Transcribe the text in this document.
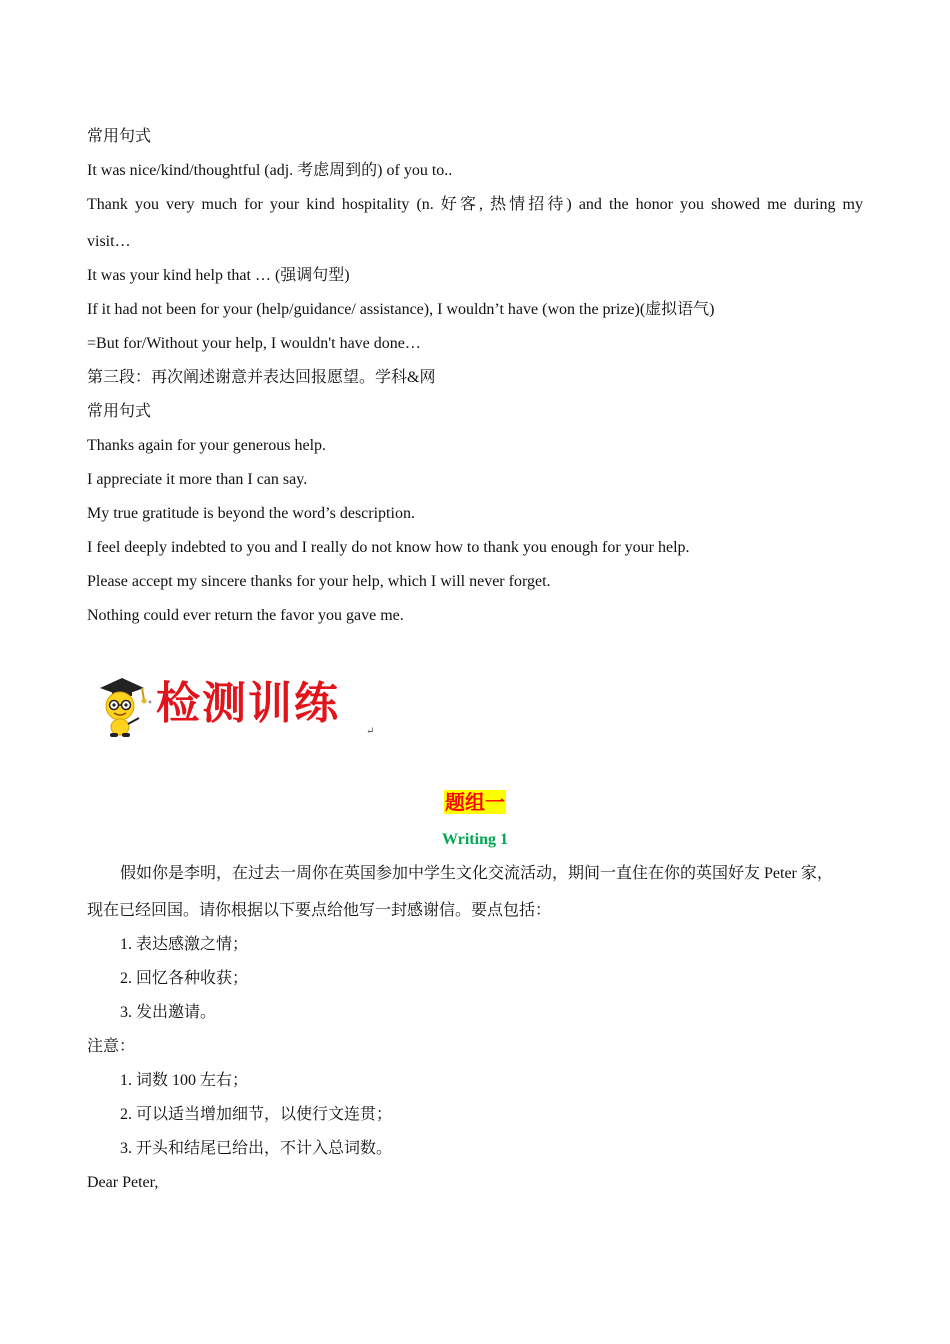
常用句式
It was nice/kind/thoughtful (adj. 考虑周到的) of you to..
Thank you very much for your kind hospitality (n. 好客, 热情招待) and the honor you showed me during my
visit…
It was your kind help that … (强调句型)
If it had not been for your (help/guidance/ assistance), I wouldn’t have (won the prize)(虚拟语气)
=But for/Without your help, I wouldn't have done…
第三段：再次阐述谢意并表达回报愿望。学科&网
常用句式
Thanks again for your generous help.
I appreciate it more than I can say.
My true gratitude is beyond the word’s description.
I feel deeply indebted to you and I really do not know how to thank you enough for your help.
Please accept my sincere thanks for your help, which I will never forget.
Nothing could ever return the favor you gave me.
检测训练
↵
题组一
Writing 1
假如你是李明，在过去一周你在英国参加中学生文化交流活动，期间一直住在你的英国好友 Peter 家，
现在已经回国。请你根据以下要点给他写一封感谢信。要点包括：
1. 表达感激之情；
2. 回忆各种收获；
3. 发出邀请。
注意：
1. 词数 100 左右；
2. 可以适当增加细节，以使行文连贯；
3. 开头和结尾已给出，不计入总词数。
Dear Peter,
